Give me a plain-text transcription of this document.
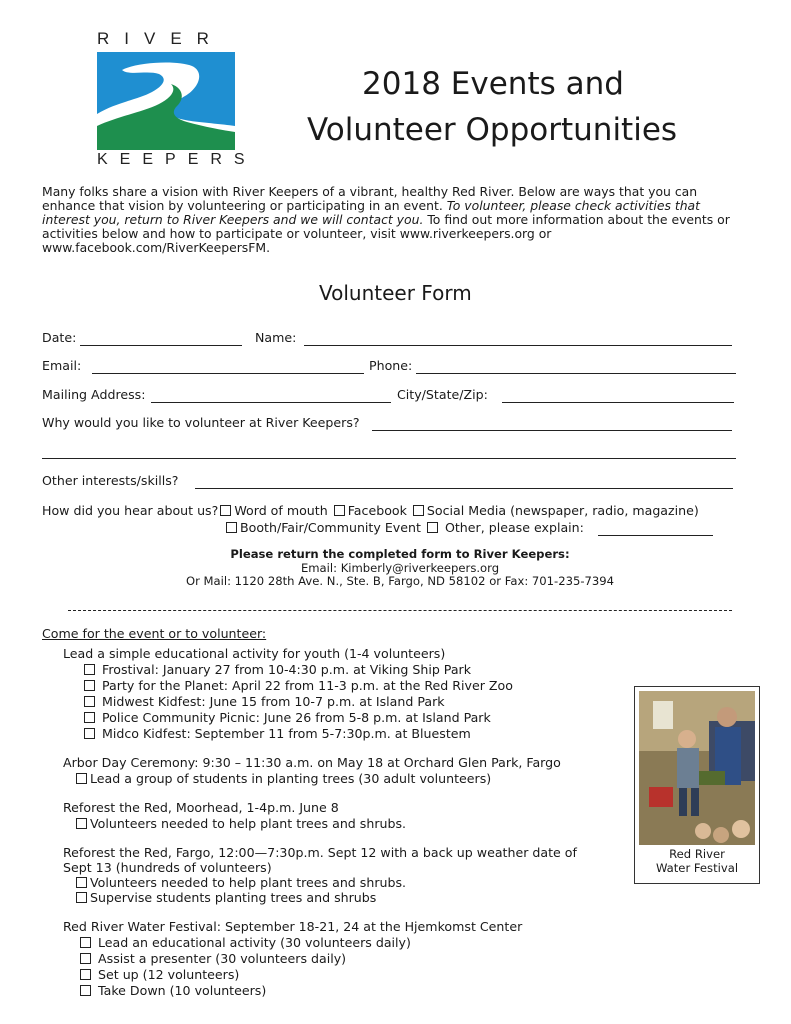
RIVER
KEEPERS
2018 Events and
Volunteer Opportunities
Many folks share a vision with River Keepers of a vibrant, healthy Red River. Below are ways that you can enhance that vision by volunteering or participating in an event. To volunteer, please check activities that interest you, return to River Keepers and we will contact you. To find out more information about the events or activities below and how to participate or volunteer, visit www.riverkeepers.org or www.facebook.com/RiverKeepersFM.
Volunteer Form
Date:	Name:
Email:	Phone:
Mailing Address:	City/State/Zip:
Why would you like to volunteer at River Keepers?
Other interests/skills?
How did you hear about us? Word of mouth Facebook Social Media (newspaper, radio, magazine)
Booth/Fair/Community Event Other, please explain:
Please return the completed form to River Keepers:
Email: Kimberly@riverkeepers.org
Or Mail: 1120 28th Ave. N., Ste. B, Fargo, ND 58102 or Fax: 701-235-7394
Come for the event or to volunteer:
Lead a simple educational activity for youth (1-4 volunteers)
Frostival: January 27 from 10-4:30 p.m. at Viking Ship Park
Party for the Planet: April 22 from 11-3 p.m. at the Red River Zoo
Midwest Kidfest: June 15 from 10-7 p.m. at Island Park
Police Community Picnic: June 26 from 5-8 p.m. at Island Park
Midco Kidfest: September 11 from 5-7:30p.m. at Bluestem
Arbor Day Ceremony: 9:30 – 11:30 a.m. on May 18 at Orchard Glen Park, Fargo
Lead a group of students in planting trees (30 adult volunteers)
Reforest the Red, Moorhead, 1-4p.m. June 8
Volunteers needed to help plant trees and shrubs.
Reforest the Red, Fargo, 12:00—7:30p.m. Sept 12 with a back up weather date of
Sept 13 (hundreds of volunteers)
Volunteers needed to help plant trees and shrubs.
Supervise students planting trees and shrubs
Red River Water Festival: September 18-21, 24 at the Hjemkomst Center
Lead an educational activity (30 volunteers daily)
Assist a presenter (30 volunteers daily)
Set up (12 volunteers)
Take Down (10 volunteers)
Red River
Water Festival
